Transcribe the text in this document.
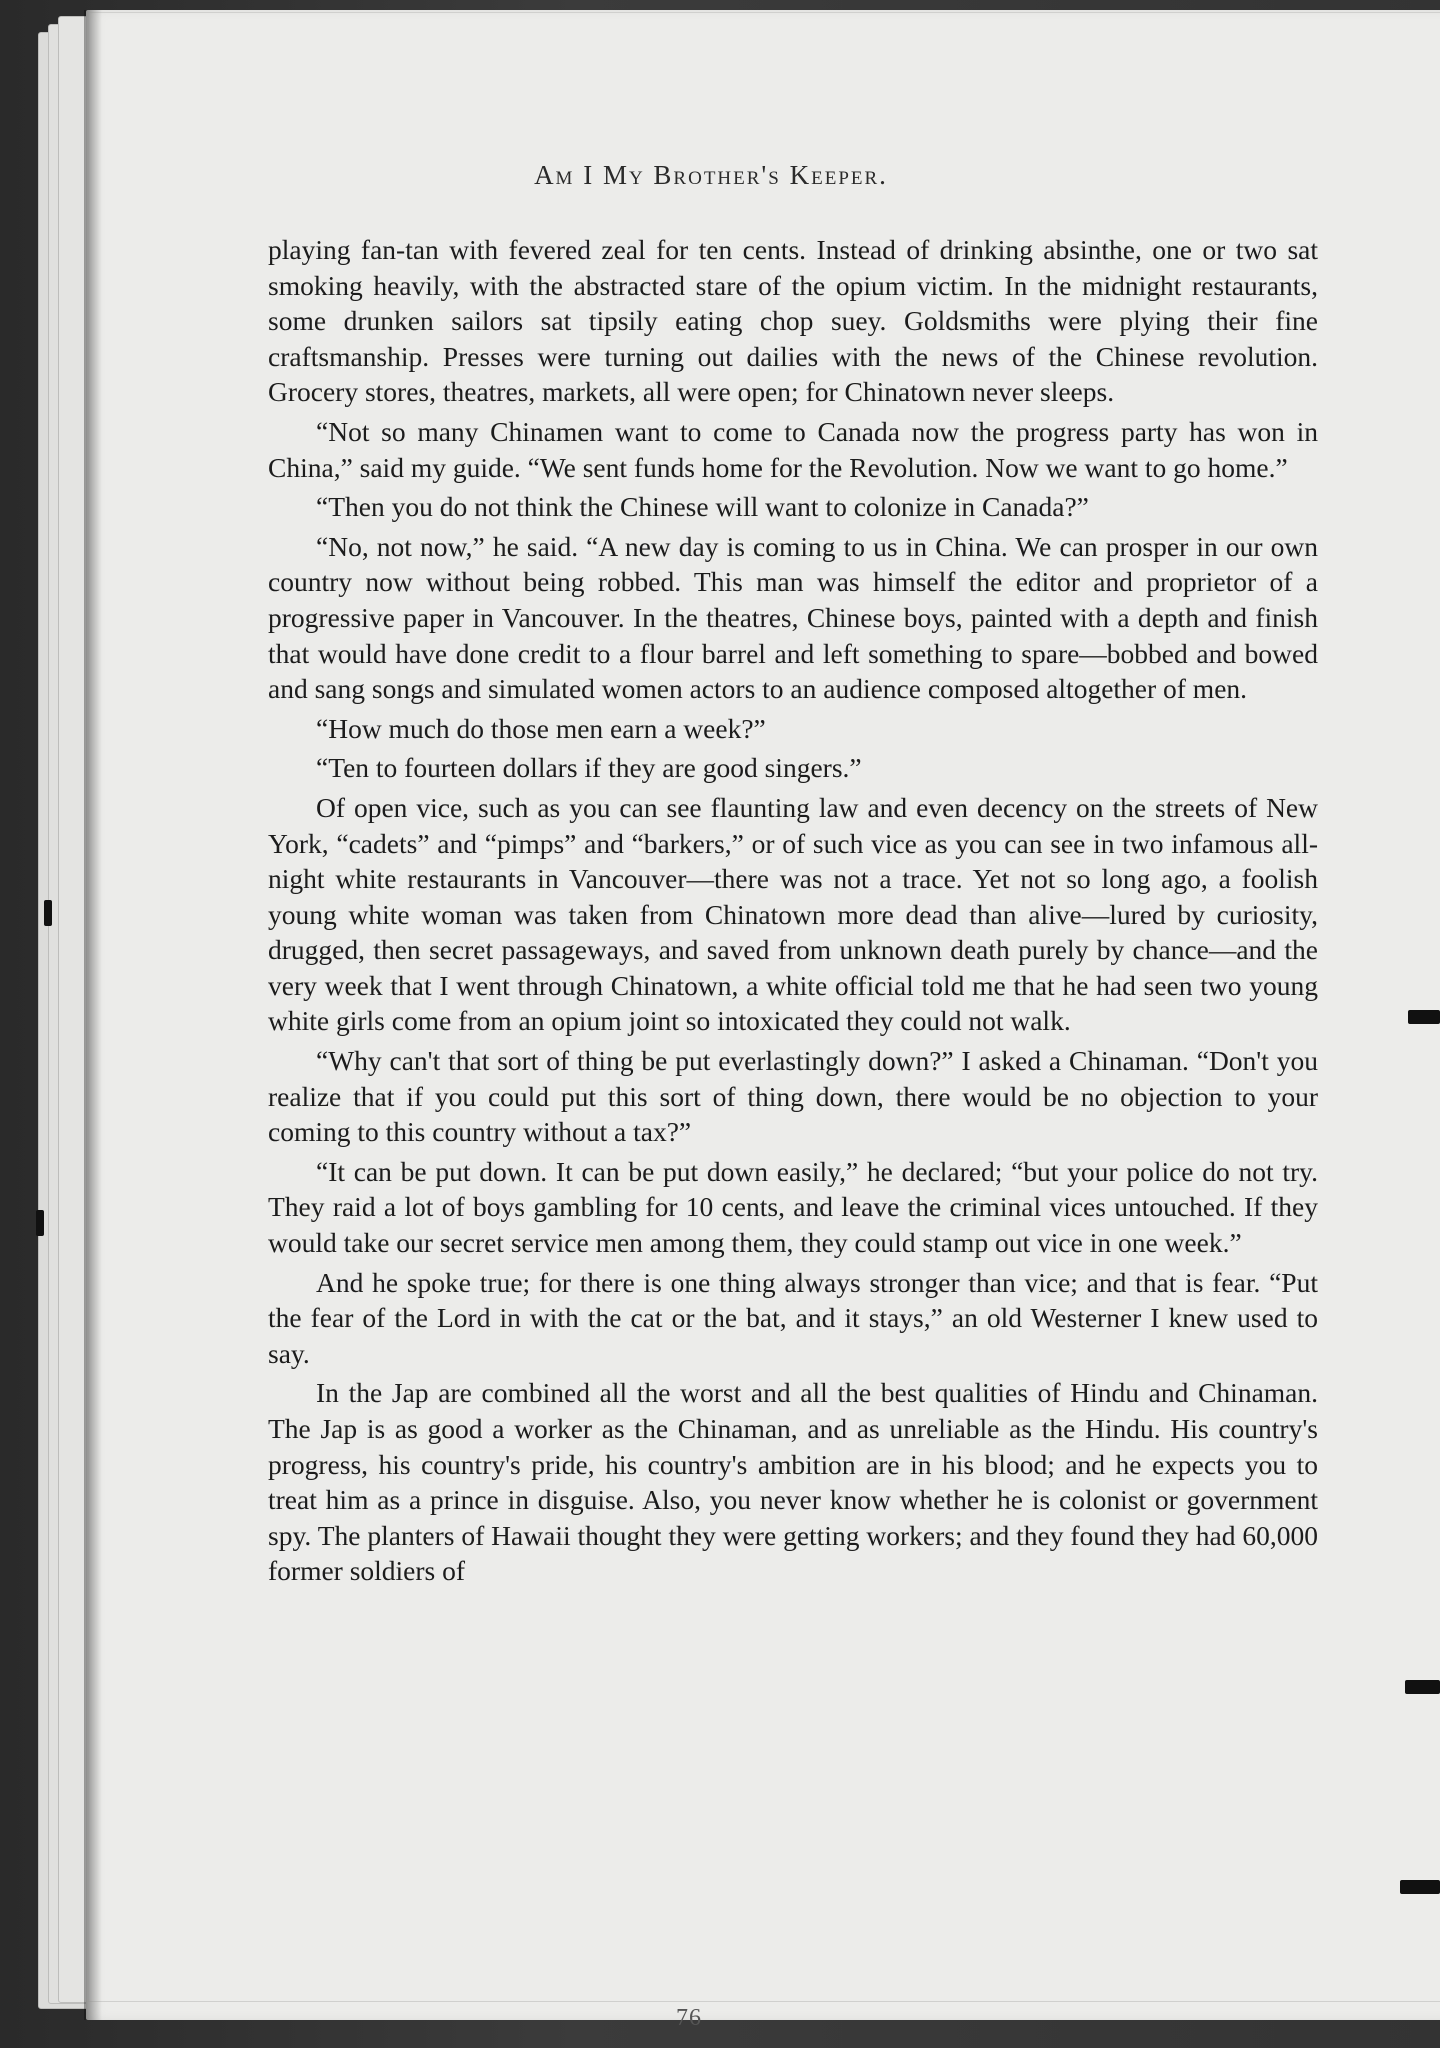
Am I My Brother's Keeper.

playing fan-tan with fevered zeal for ten cents. Instead of drinking absinthe, one or two sat smoking heavily, with the abstracted stare of the opium victim. In the midnight restaurants, some drunken sailors sat tipsily eating chop suey. Goldsmiths were plying their fine craftsmanship. Presses were turning out dailies with the news of the Chinese revolution. Grocery stores, theatres, markets, all were open; for Chinatown never sleeps.

“Not so many Chinamen want to come to Canada now the progress party has won in China,” said my guide. “We sent funds home for the Revolution. Now we want to go home.”

“Then you do not think the Chinese will want to colonize in Canada?”

“No, not now,” he said. “A new day is coming to us in China. We can prosper in our own country now without being robbed. This man was himself the editor and proprietor of a progressive paper in Vancouver. In the theatres, Chinese boys, painted with a depth and finish that would have done credit to a flour barrel and left something to spare—bobbed and bowed and sang songs and simulated women actors to an audience composed altogether of men.

“How much do those men earn a week?”

“Ten to fourteen dollars if they are good singers.”

Of open vice, such as you can see flaunting law and even decency on the streets of New York, “cadets” and “pimps” and “barkers,” or of such vice as you can see in two infamous all-night white restaurants in Vancouver—there was not a trace. Yet not so long ago, a foolish young white woman was taken from Chinatown more dead than alive—lured by curiosity, drugged, then secret passageways, and saved from unknown death purely by chance—and the very week that I went through Chinatown, a white official told me that he had seen two young white girls come from an opium joint so intoxicated they could not walk.

“Why can't that sort of thing be put everlastingly down?” I asked a Chinaman. “Don't you realize that if you could put this sort of thing down, there would be no objection to your coming to this country without a tax?”

“It can be put down. It can be put down easily,” he declared; “but your police do not try. They raid a lot of boys gambling for 10 cents, and leave the criminal vices untouched. If they would take our secret service men among them, they could stamp out vice in one week.”

And he spoke true; for there is one thing always stronger than vice; and that is fear. “Put the fear of the Lord in with the cat or the bat, and it stays,” an old Westerner I knew used to say.

In the Jap are combined all the worst and all the best qualities of Hindu and Chinaman. The Jap is as good a worker as the Chinaman, and as unreliable as the Hindu. His country's progress, his country's pride, his country's ambition are in his blood; and he expects you to treat him as a prince in disguise. Also, you never know whether he is colonist or government spy. The planters of Hawaii thought they were getting workers; and they found they had 60,000 former soldiers of

76
